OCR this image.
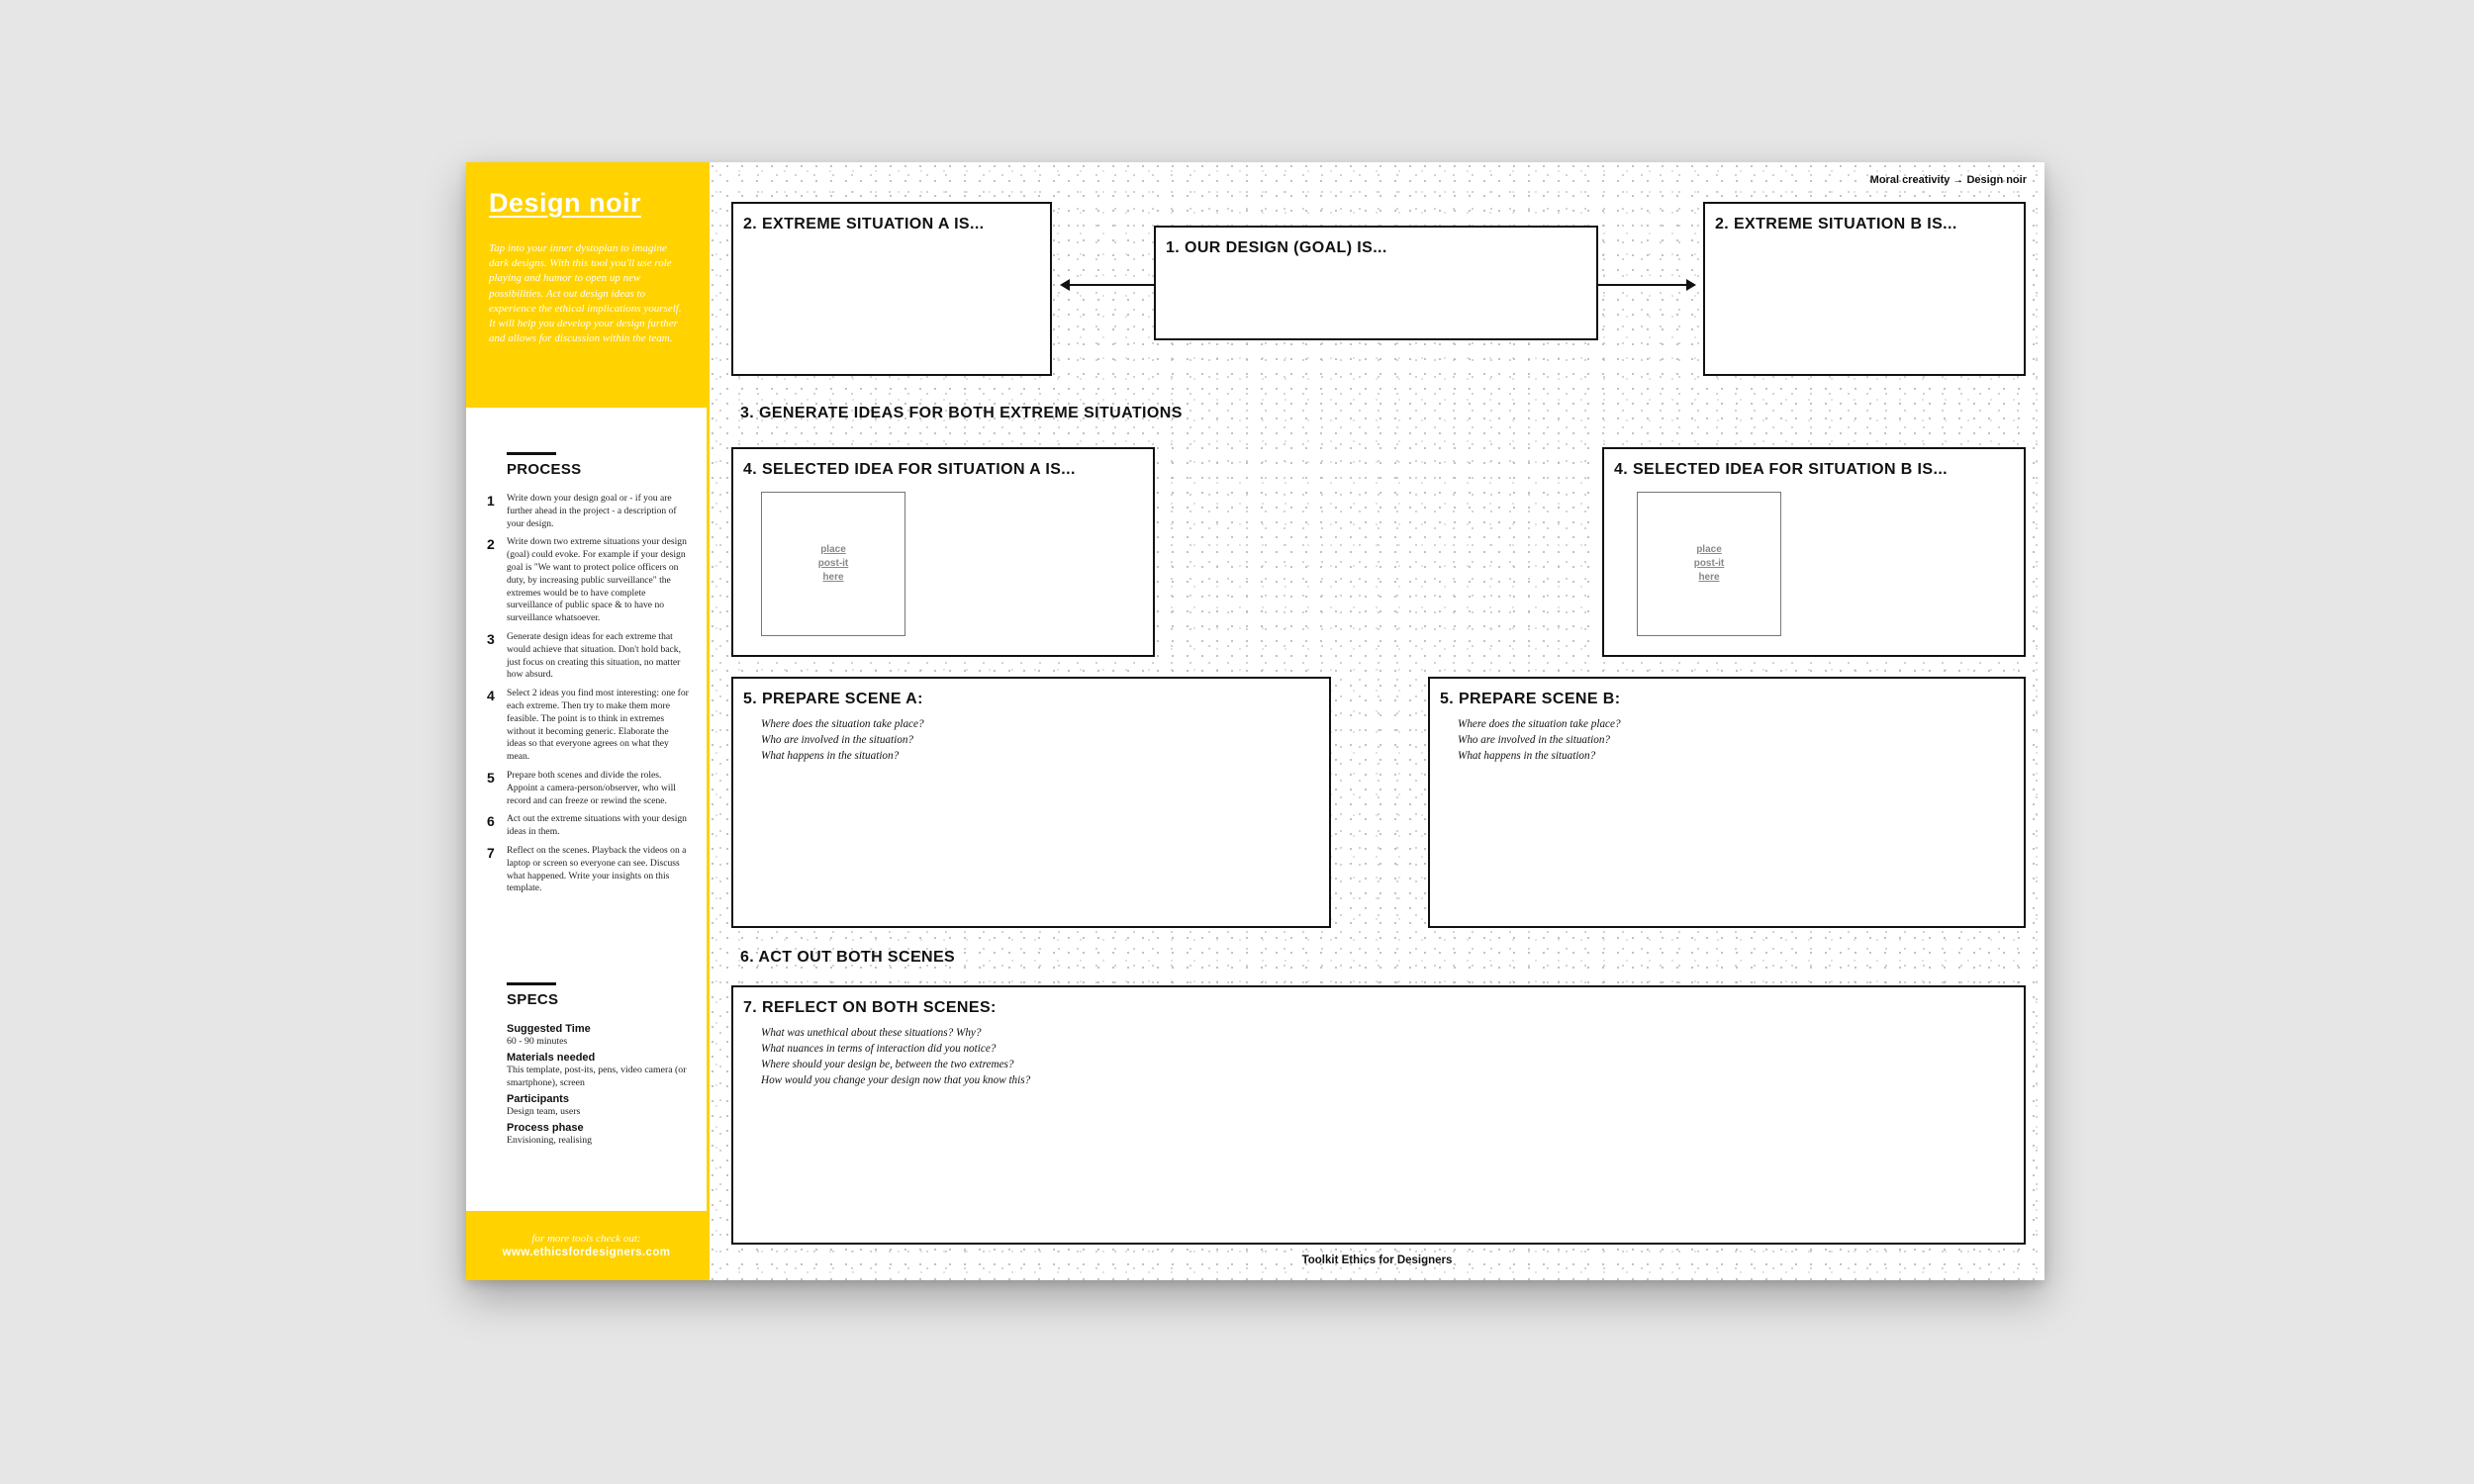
Design noir
Tap into your inner dystopian to imagine dark designs. With this tool you'll use role playing and humor to open up new possibilities. Act out design ideas to experience the ethical implications yourself. It will help you develop your design further and allows for discussion within the team.
PROCESS
1	Write down your design goal or - if you are further ahead in the project - a description of your design.
2	Write down two extreme situations your design (goal) could evoke. For example if your design goal is "We want to protect police officers on duty, by increasing public surveillance" the extremes would be to have complete surveillance of public space & to have no surveillance whatsoever.
3	Generate design ideas for each extreme that would achieve that situation. Don't hold back, just focus on creating this situation, no matter how absurd.
4	Select 2 ideas you find most interesting: one for each extreme. Then try to make them more feasible. The point is to think in extremes without it becoming generic. Elaborate the ideas so that everyone agrees on what they mean.
5	Prepare both scenes and divide the roles. Appoint a camera-person/observer, who will record and can freeze or rewind the scene.
6	Act out the extreme situations with your design ideas in them.
7	Reflect on the scenes. Playback the videos on a laptop or screen so everyone can see. Discuss what happened. Write your insights on this template.
SPECS
Suggested Time
60 - 90 minutes
Materials needed
This template, post-its, pens, video camera (or smartphone), screen
Participants
Design team, users
Process phase
Envisioning, realising
for more tools check out:
www.ethicsfordesigners.com
Moral creativity → Design noir
2. EXTREME SITUATION A IS...
1. OUR DESIGN (GOAL) IS...
2. EXTREME SITUATION B IS...
3. GENERATE IDEAS FOR BOTH EXTREME SITUATIONS
4. SELECTED IDEA FOR SITUATION A IS...
place post-it here
4. SELECTED IDEA FOR SITUATION B IS...
place post-it here
5. PREPARE SCENE A:
Where does the situation take place?
Who are involved in the situation?
What happens in the situation?
5. PREPARE SCENE B:
Where does the situation take place?
Who are involved in the situation?
What happens in the situation?
6. ACT OUT BOTH SCENES
7. REFLECT ON BOTH SCENES:
What was unethical about these situations? Why?
What nuances in terms of interaction did you notice?
Where should your design be, between the two extremes?
How would you change your design now that you know this?
Toolkit Ethics for Designers
